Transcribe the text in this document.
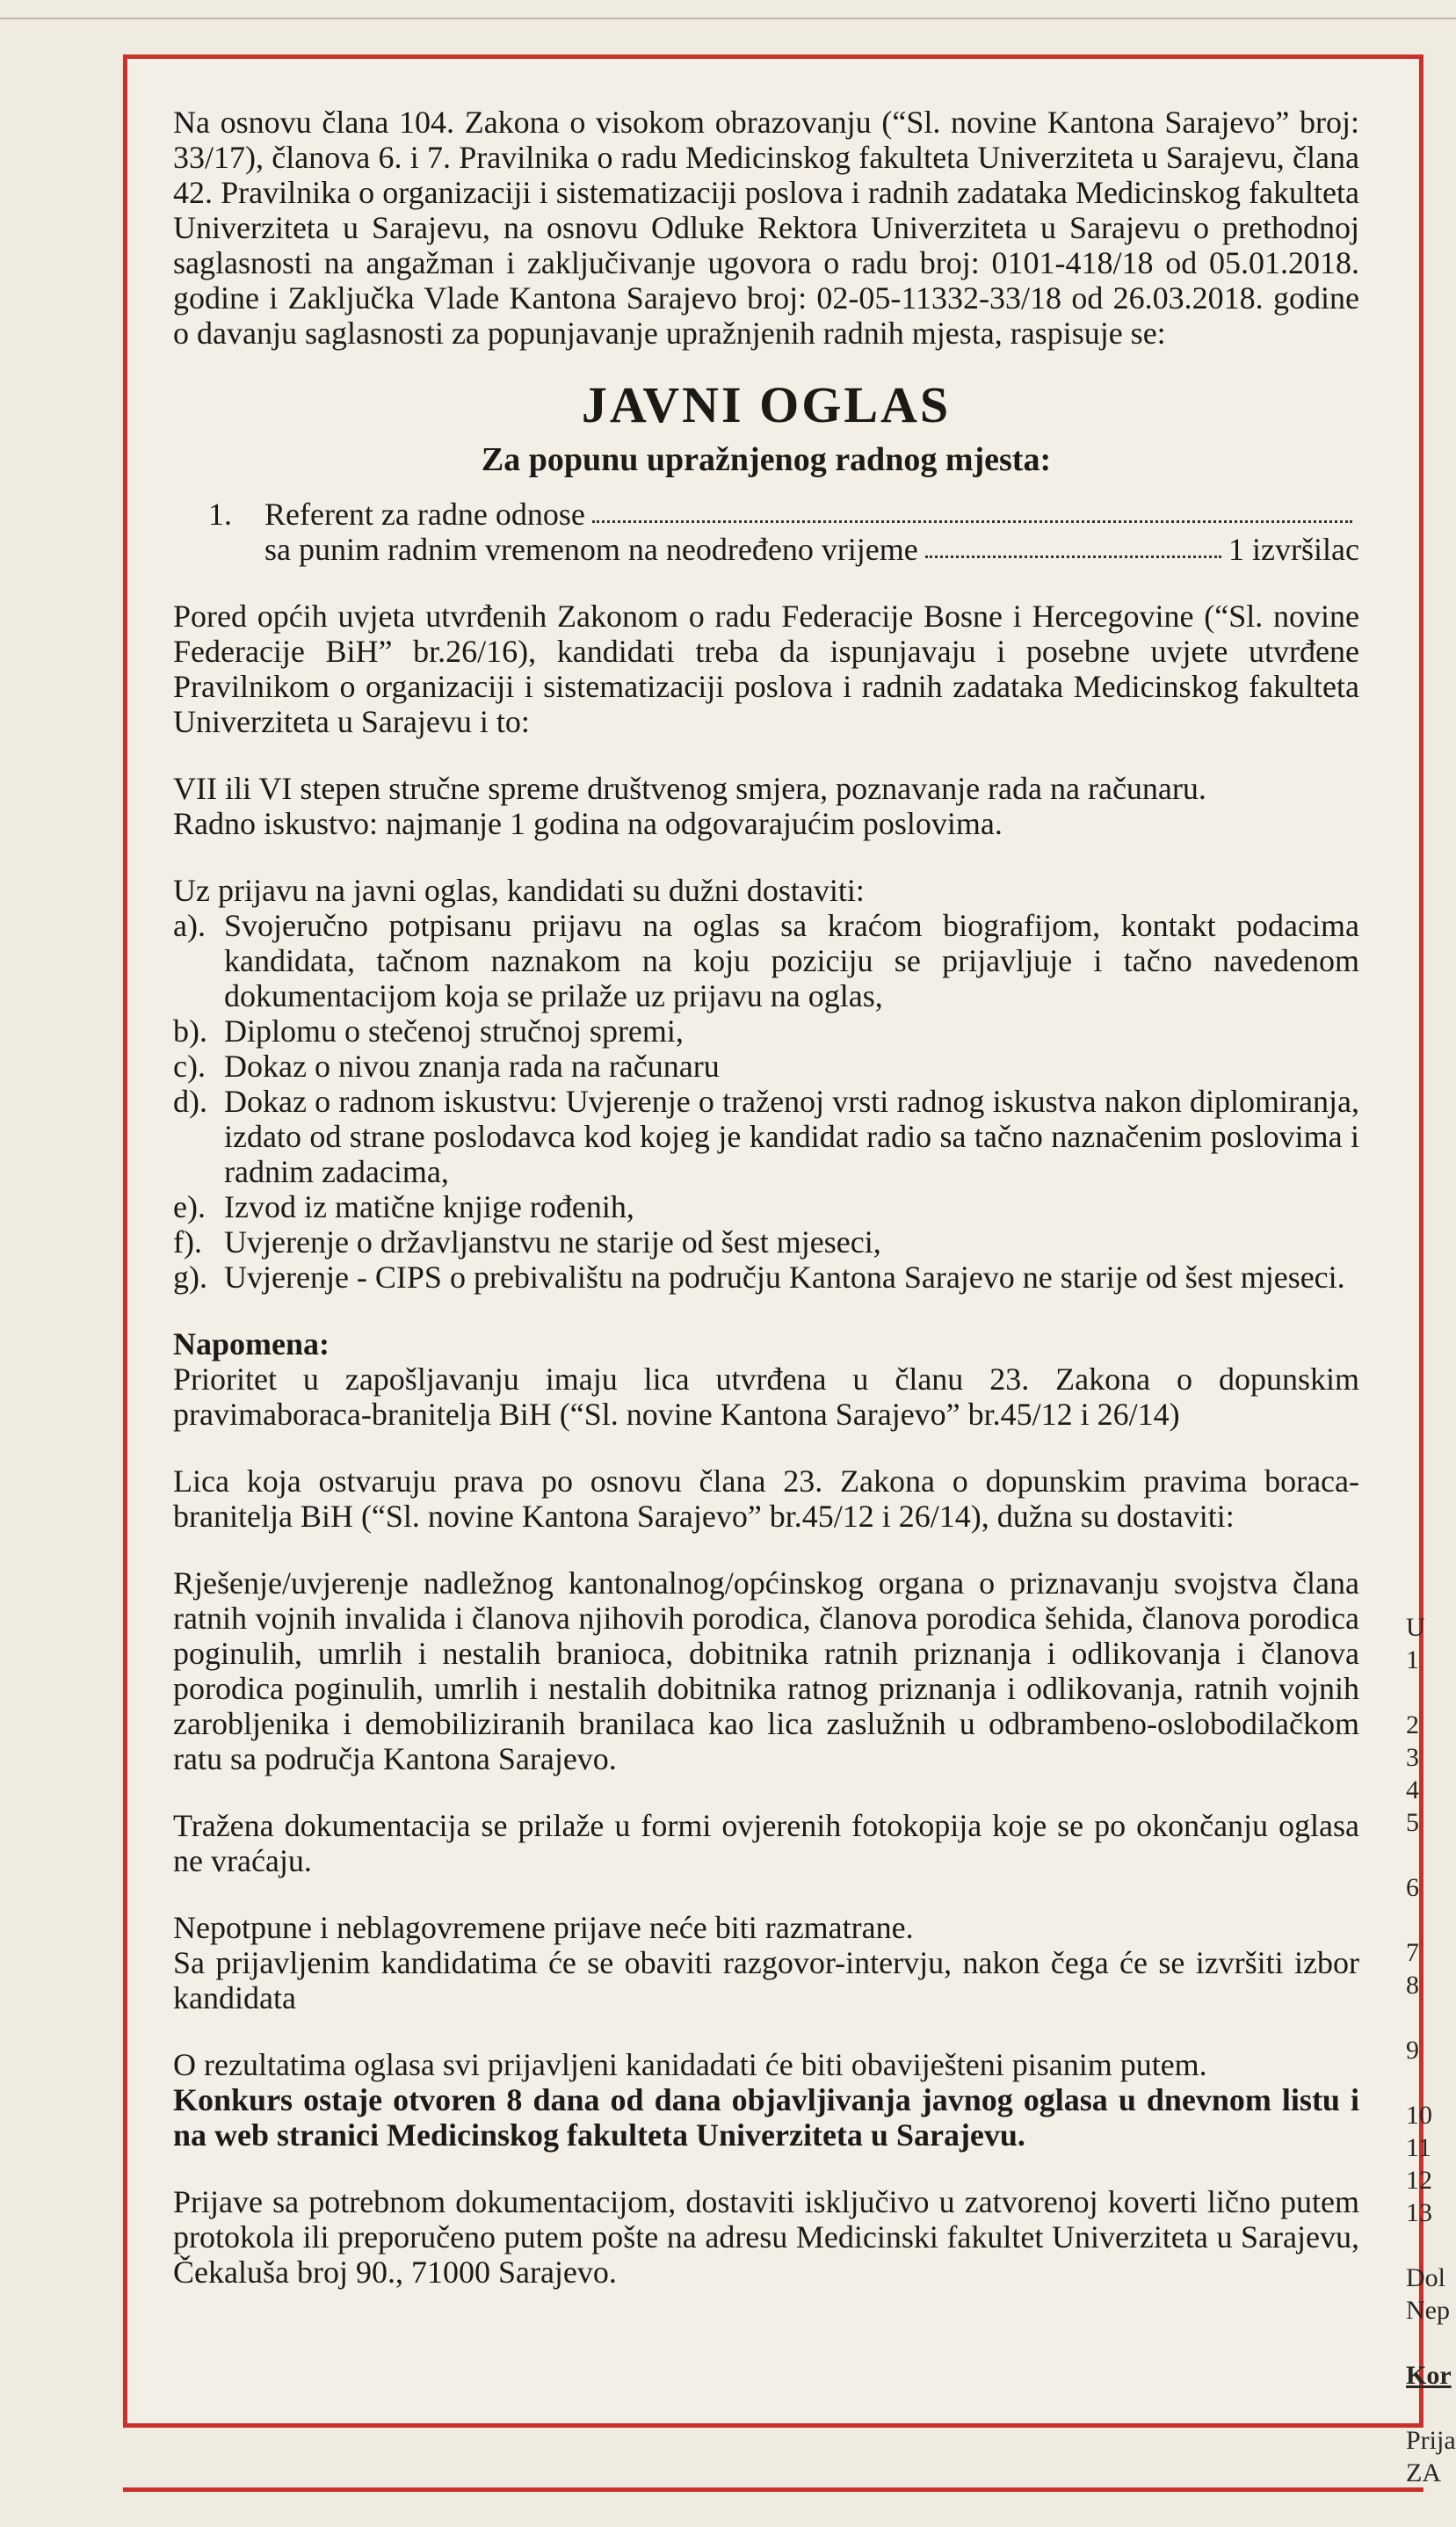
Na osnovu člana 104. Zakona o visokom obrazovanju (“Sl. novine Kantona Sarajevo” broj: 33/17), članova 6. i 7. Pravilnika o radu Medicinskog fakulteta Univerziteta u Sarajevu, člana 42. Pravilnika o organizaciji i sistematizaciji poslova i radnih zadataka Medicinskog fakulteta Univerziteta u Sarajevu, na osnovu Odluke Rektora Univerziteta u Sarajevu o prethodnoj saglasnosti na angažman i zaključivanje ugovora o radu broj: 0101-418/18 od 05.01.2018. godine i Zaključka Vlade Kantona Sarajevo broj: 02-05-11332-33/18 od 26.03.2018. godine o davanju saglasnosti za popunjavanje upražnjenih radnih mjesta, raspisuje se:

JAVNI OGLAS
Za popunu upražnjenog radnog mjesta:
1.	Referent za radne odnose
sa punim radnim vremenom na neodređeno vrijeme	1 izvršilac

Pored općih uvjeta utvrđenih Zakonom o radu Federacije Bosne i Hercegovine (“Sl. novine Federacije BiH” br.26/16), kandidati treba da ispunjavaju i posebne uvjete utvrđene Pravilnikom o organizaciji i sistematizaciji poslova i radnih zadataka Medicinskog fakulteta Univerziteta u Sarajevu i to:

VII ili VI stepen stručne spreme društvenog smjera, poznavanje rada na računaru.

Radno iskustvo: najmanje 1 godina na odgovarajućim poslovima.

Uz prijavu na javni oglas, kandidati su dužni dostaviti:

a). Svojeručno potpisanu prijavu na oglas sa kraćom biografijom, kontakt podacima kandidata, tačnom naznakom na koju poziciju se prijavljuje i tačno navedenom dokumentacijom koja se prilaže uz prijavu na oglas,
b). Diplomu o stečenoj stručnoj spremi,
c). Dokaz o nivou znanja rada na računaru
d). Dokaz o radnom iskustvu: Uvjerenje o traženoj vrsti radnog iskustva nakon diplomiranja, izdato od strane poslodavca kod kojeg je kandidat radio sa tačno naznačenim poslovima i radnim zadacima,
e). Izvod iz matične knjige rođenih,
f). Uvjerenje o državljanstvu ne starije od šest mjeseci,
g). Uvjerenje - CIPS o prebivalištu na području Kantona Sarajevo ne starije od šest mjeseci.

Napomena:

Prioritet u zapošljavanju imaju lica utvrđena u članu 23. Zakona o dopunskim pravimaboraca-branitelja BiH (“Sl. novine Kantona Sarajevo” br.45/12 i 26/14)

Lica koja ostvaruju prava po osnovu člana 23. Zakona o dopunskim pravima boraca-branitelja BiH (“Sl. novine Kantona Sarajevo” br.45/12 i 26/14), dužna su dostaviti:

Rješenje/uvjerenje nadležnog kantonalnog/općinskog organa o priznavanju svojstva člana ratnih vojnih invalida i članova njihovih porodica, članova porodica šehida, članova porodica poginulih, umrlih i nestalih branioca, dobitnika ratnih priznanja i odlikovanja i članova porodica poginulih, umrlih i nestalih dobitnika ratnog priznanja i odlikovanja, ratnih vojnih zarobljenika i demobiliziranih branilaca kao lica zaslužnih u odbrambeno-oslobodilačkom ratu sa područja Kantona Sarajevo.

Tražena dokumentacija se prilaže u formi ovjerenih fotokopija koje se po okončanju oglasa ne vraćaju.

Nepotpune i neblagovremene prijave neće biti razmatrane.

Sa prijavljenim kandidatima će se obaviti razgovor-intervju, nakon čega će se izvršiti izbor kandidata

O rezultatima oglasa svi prijavljeni kanidadati će biti obaviješteni pisanim putem.

Konkurs ostaje otvoren 8 dana od dana objavljivanja javnog oglasa u dnevnom listu i na web stranici Medicinskog fakulteta Univerziteta u Sarajevu.

Prijave sa potrebnom dokumentacijom, dostaviti isključivo u zatvorenoj koverti lično putem protokola ili preporučeno putem pošte na adresu Medicinski fakultet Univerziteta u Sarajevu, Čekaluša broj 90., 71000 Sarajevo.

U
1
2
3
4
5
6
7
8
9
10
11
12
13
Dol
Nep
Kor
Prija
ZA
